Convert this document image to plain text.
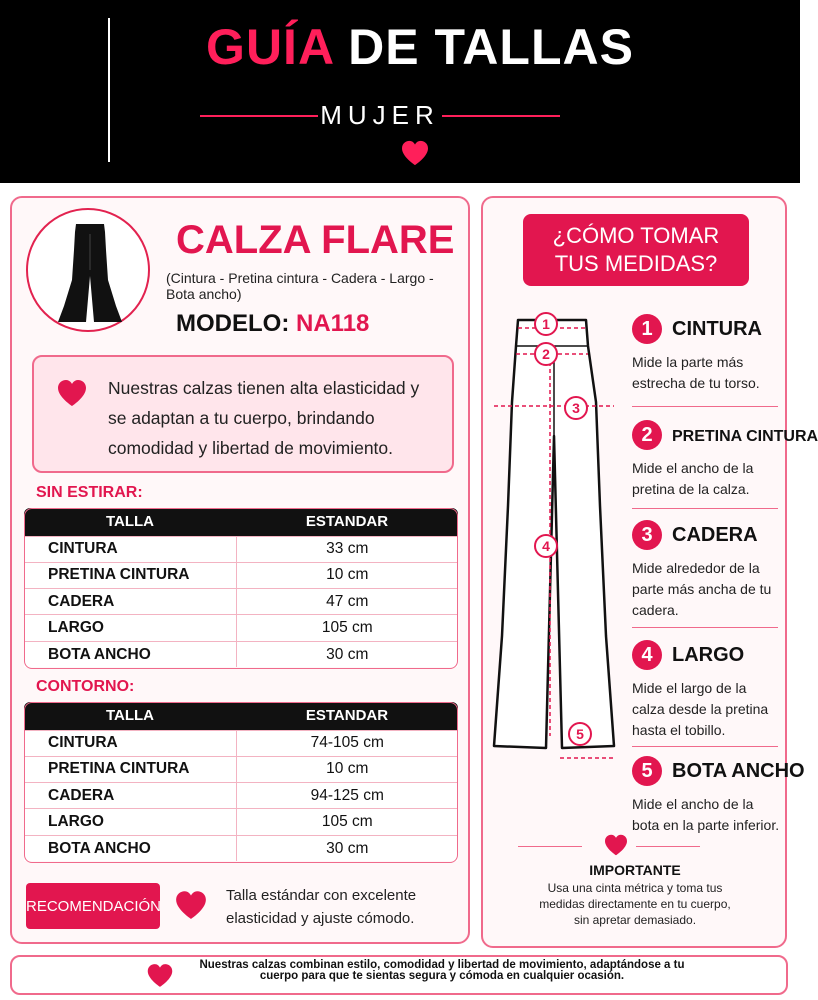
GUÍA DE TALLAS
MUJER
CALZA FLARE
(Cintura - Pretina cintura - Cadera - Largo - Bota ancho)
MODELO: NA118
Nuestras calzas tienen alta elasticidad y se adaptan a tu cuerpo, brindando comodidad y libertad de movimiento.
SIN ESTIRAR:
TALLA	ESTANDAR
CINTURA	33 cm
PRETINA CINTURA	10 cm
CADERA	47 cm
LARGO	105 cm
BOTA ANCHO	30 cm
CONTORNO:
TALLA	ESTANDAR
CINTURA	74-105 cm
PRETINA CINTURA	10 cm
CADERA	94-125 cm
LARGO	105 cm
BOTA ANCHO	30 cm
RECOMENDACIÓN
Talla estándar con excelente elasticidad y ajuste cómodo.
¿CÓMO TOMAR
TUS MEDIDAS?
1
2
3
4
5
1 CINTURA
Mide la parte más estrecha de tu torso.
2	PRETINA CINTURA
Mide el ancho de la pretina de la calza.
3 CADERA
Mide alrededor de la parte más ancha de tu cadera.
4 LARGO
Mide el largo de la calza desde la pretina hasta el tobillo.
5 BOTA ANCHO
Mide el ancho de la bota en la parte inferior.
IMPORTANTE
Usa una cinta métrica y toma tus medidas directamente en tu cuerpo, sin apretar demasiado.
Nuestras calzas combinan estilo, comodidad y libertad de movimiento, adaptándose a tu cuerpo para que te sientas segura y cómoda en cualquier ocasión.
